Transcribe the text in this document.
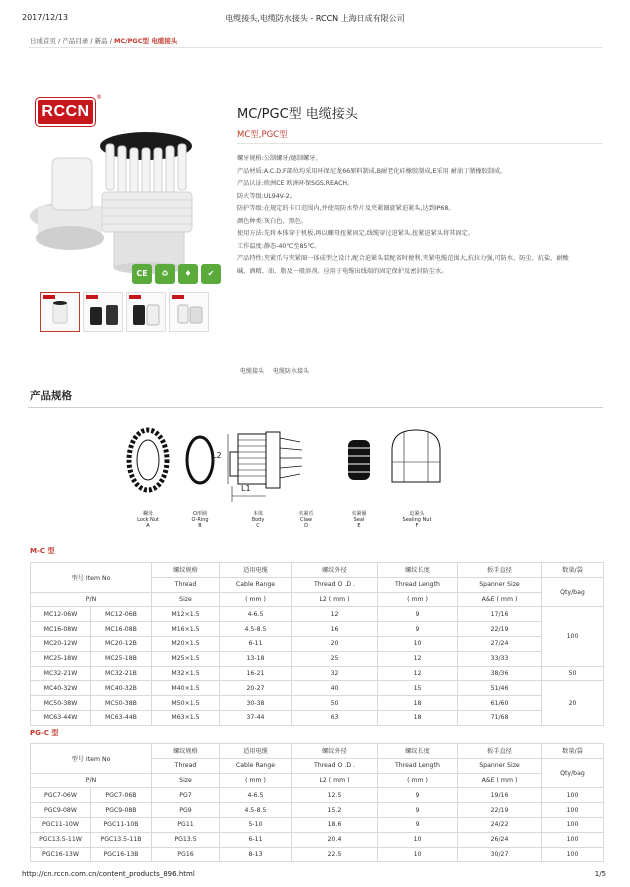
2017/12/13	电缆接头,电缆防水接头 - RCCN 上海日成有限公司
日成首页 / 产品目录 / 新品 / MC/PGC型 电缆接头
RCCN
®
CE	♻	♦	✔
MC/PGC型 电缆接头
MC型,PGC型

螺牙规格:公制螺牙/德制螺牙。

产品材质:A.C.D.F部位均采用环保尼龙66原料制成,B耐老化硅橡胶制成,E采用 耐油丁腈橡胶制成。

产品认证:欧洲CE 欧洲环保SGS,REACH。

防火等级:UL94V-2。

防护等级:在规定的卡口范围内,并使用防水垫片及夹紧圈旋紧迫紧头,达到IP68。

颜色种类:灰白色、黑色。

使用方法:先将本体穿于机板,再以螺母扭紧固定,线缆穿过迫紧头,扭紧迫紧头将其固定。

工作温度:静态-40℃至85℃。

产品特性:夹紧爪与夹紧圈一体成型之设计,配合迫紧头装配省时便利,夹紧电缆范围大,抗拉力强,可防水、防尘、抗盐、耐酸碱、酒精、油、脂及一般溶剂。应用于电缆出线端的固定保护及密封防尘水。

电缆接头 电缆防水接头
产品规格
L2
L1
螺母
Lock Nut
A
O形圈
O-Ring
B
本体
Body
C
夹紧爪
Claw
D
夹紧圈
Seal
E
迫紧头
Sealing Nut
F
M-C 型
型号 Item No		螺纹规格	适用电缆	螺纹外径	螺纹长度	扳手直径	数量/袋
		Thread	Cable Range	Thread O .D .	Thread Length	Spanner Size	Qty/bag
P/N		Size	( mm )	L2 ( mm )	( mm )	A&E ( mm )	
MC12-06W	MC12-06B	M12×1.5	4-6.5	12	9	17/16	100
MC16-08W	MC16-08B	M16×1.5	4.5-8.5	16	9	22/19	
MC20-12W	MC20-12B	M20×1.5	6-11	20	10	27/24	
MC25-18W	MC25-18B	M25×1.5	13-18	25	12	33/33	
MC32-21W	MC32-21B	M32×1.5	16-21	32	12	38/36	50
MC40-32W	MC40-32B	M40×1.5	20-27	40	15	51/46	20
MC50-38W	MC50-38B	M50×1.5	30-38	50	18	61/60	
MC63-44W	MC63-44B	M63×1.5	37-44	63	18	71/68	
PG-C 型
型号 Item No		螺纹规格	适用电缆	螺纹外径	螺纹长度	扳手直径	数量/袋
		Thread	Cable Range	Thread O .D .	Thread Length	Spanner Size	Qty/bag
P/N		Size	( mm )	L2 ( mm )	( mm )	A&E ( mm )	
PGC7-06W	PGC7-06B	PG7	4-6.5	12.5	9	19/16	100
PGC9-08W	PGC9-08B	PG9	4.5-8.5	15.2	9	22/19	100
PGC11-10W	PGC11-10B	PG11	5-10	18.6	9	24/22	100
PGC13.5-11W	PGC13.5-11B	PG13.5	6-11	20.4	10	26/24	100
PGC16-13W	PGC16-13B	PG16	8-13	22.5	10	30/27	100
http://cn.rccn.com.cn/content_products_896.html	1/5
